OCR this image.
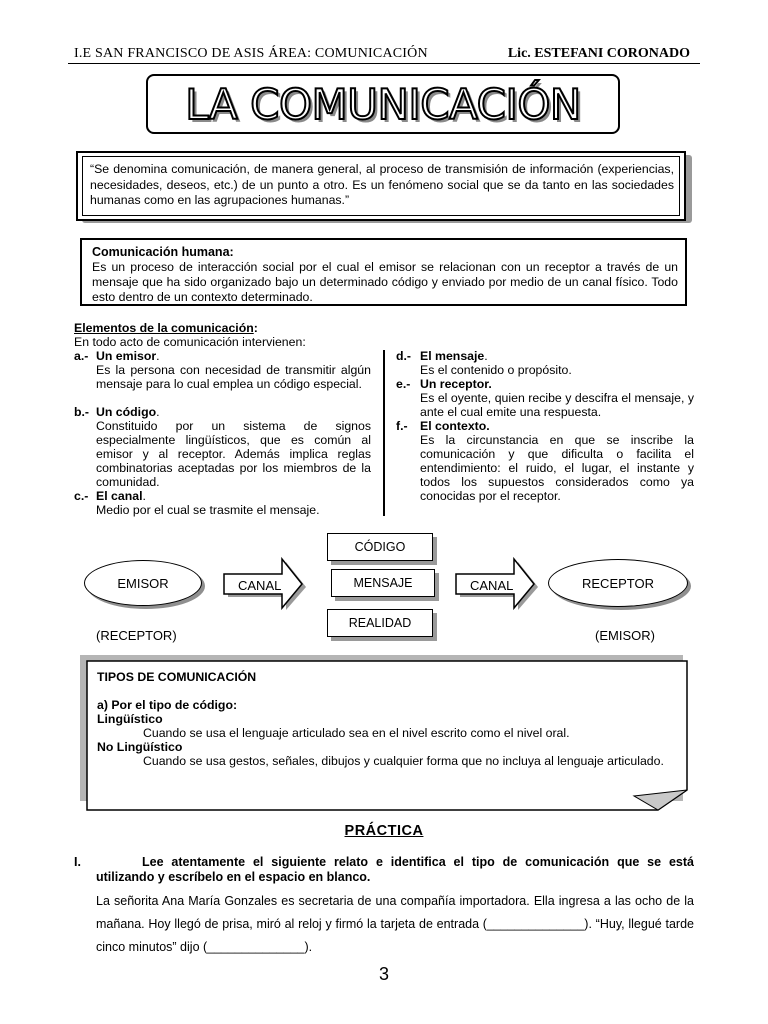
I.E SAN FRANCISCO DE ASIS ÁREA: COMUNICACIÓN	Lic. ESTEFANI CORONADO
LA COMUNICACIÓN
“Se denomina comunicación, de manera general, al proceso de transmisión de información (experiencias, necesidades, deseos, etc.) de un punto a otro. Es un fenómeno social que se da tanto en las sociedades humanas como en las agrupaciones humanas.”
Comunicación humana:
Es un proceso de interacción social por el cual el emisor se relacionan con un receptor a través de un mensaje que ha sido organizado bajo un determinado código y enviado por medio de un canal físico. Todo esto dentro de un contexto determinado.
Elementos de la comunicación:
En todo acto de comunicación intervienen:
a.- Un emisor.
Es la persona con necesidad de transmitir algún mensaje para lo cual emplea un código especial.
b.- Un código.
Constituido por un sistema de signos especialmente lingüísticos, que es común al emisor y al receptor. Además implica reglas combinatorias aceptadas por los miembros de la comunidad.
c.- El canal.
Medio por el cual se trasmite el mensaje.
d.- El mensaje.
Es el contenido o propósito.
e.- Un receptor.
Es el oyente, quien recibe y descifra el mensaje, y ante el cual emite una respuesta.
f.- El contexto.
Es la circunstancia en que se inscribe la comunicación y que dificulta o facilita el entendimiento: el ruido, el lugar, el instante y todos los supuestos considerados como ya conocidas por el receptor.
EMISOR	CANAL
CÓDIGO
MENSAJE
REALIDAD
CANAL	RECEPTOR
(RECEPTOR)	(EMISOR)
TIPOS DE COMUNICACIÓN
a) Por el tipo de código:
Lingüístico
Cuando se usa el lenguaje articulado sea en el nivel escrito como el nivel oral.
No Lingüístico
Cuando se usa gestos, señales, dibujos y cualquier forma que no incluya al lenguaje articulado.
PRÁCTICA
I.	Lee atentamente el siguiente relato e identifica el tipo de comunicación que se está utilizando y escríbelo en el espacio en blanco.
La señorita Ana María Gonzales es secretaria de una compañía importadora. Ella ingresa a las ocho de la mañana. Hoy llegó de prisa, miró al reloj y firmó la tarjeta de entrada (______________). “Huy, llegué tarde cinco minutos” dijo (______________).
3
